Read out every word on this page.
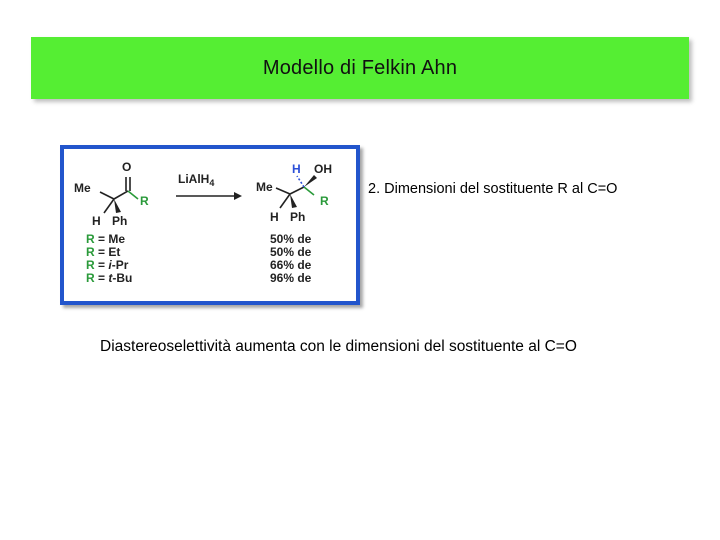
Modello di Felkin Ahn
O
Me
R
H Ph
LiAlH$_4$
H OH
Me
R
H Ph
R = Me
R = Et
R = i-Pr
R = t-Bu
50% de
50% de
66% de
96% de
2. Dimensioni del sostituente R al C=O
Diastereoselettività aumenta con le dimensioni del sostituente al C=O
